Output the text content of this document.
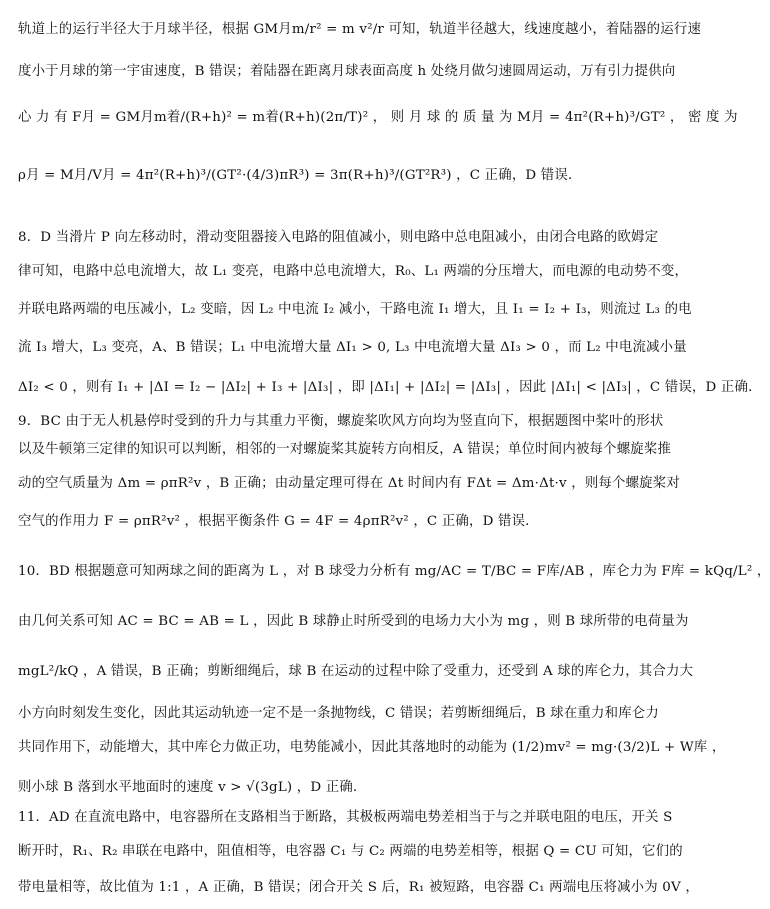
轨道上的运行半径大于月球半径，根据 GM月m/r² = m v²/r 可知，轨道半径越大，线速度越小，着陆器的运行速
度小于月球的第一宇宙速度，B 错误；着陆器在距离月球表面高度 h 处绕月做匀速圆周运动，万有引力提供向
心 力 有 F月 = GM月m着/(R+h)² = m着(R+h)(2π/T)² ， 则 月 球 的 质 量 为 M月 = 4π²(R+h)³/GT² ， 密 度 为
ρ月 = M月/V月 = 4π²(R+h)³/(GT²·(4/3)πR³) = 3π(R+h)³/(GT²R³) ，C 正确，D 错误．
8．D 当滑片 P 向左移动时，滑动变阻器接入电路的阻值减小，则电路中总电阻减小，由闭合电路的欧姆定
律可知，电路中总电流增大，故 L₁ 变亮，电路中总电流增大，R₀、L₁ 两端的分压增大，而电源的电动势不变，
并联电路两端的电压减小，L₂ 变暗，因 L₂ 中电流 I₂ 减小，干路电流 I₁ 增大，且 I₁ = I₂ + I₃，则流过 L₃ 的电
流 I₃ 增大，L₃ 变亮，A、B 错误；L₁ 中电流增大量 ΔI₁ > 0, L₃ 中电流增大量 ΔI₃ > 0 ，而 L₂ 中电流减小量
ΔI₂ < 0 ，则有 I₁ + |ΔI = I₂ − |ΔI₂| + I₃ + |ΔI₃| ，即 |ΔI₁| + |ΔI₂| = |ΔI₃| ，因此 |ΔI₁| < |ΔI₃| ，C 错误，D 正确．
9．BC 由于无人机悬停时受到的升力与其重力平衡，螺旋桨吹风方向均为竖直向下，根据题图中桨叶的形状
以及牛顿第三定律的知识可以判断，相邻的一对螺旋桨其旋转方向相反，A 错误；单位时间内被每个螺旋桨推
动的空气质量为 Δm = ρπR²v ，B 正确；由动量定理可得在 Δt 时间内有 FΔt = Δm·Δt·v ，则每个螺旋桨对
空气的作用力 F = ρπR²v² ，根据平衡条件 G = 4F = 4ρπR²v² ，C 正确，D 错误．
10．BD 根据题意可知两球之间的距离为 L ，对 B 球受力分析有 mg/AC = T/BC = F库/AB ，库仑力为 F库 = kQq/L² ，
由几何关系可知 AC = BC = AB = L ，因此 B 球静止时所受到的电场力大小为 mg ，则 B 球所带的电荷量为
mgL²/kQ ，A 错误，B 正确；剪断细绳后，球 B 在运动的过程中除了受重力，还受到 A 球的库仑力，其合力大
小方向时刻发生变化，因此其运动轨迹一定不是一条抛物线，C 错误；若剪断细绳后，B 球在重力和库仑力
共同作用下，动能增大，其中库仑力做正功，电势能减小，因此其落地时的动能为 (1/2)mv² = mg·(3/2)L + W库 ，
则小球 B 落到水平地面时的速度 v > √(3gL) ，D 正确．
11．AD 在直流电路中，电容器所在支路相当于断路，其极板两端电势差相当于与之并联电阻的电压，开关 S
断开时，R₁、R₂ 串联在电路中，阻值相等，电容器 C₁ 与 C₂ 两端的电势差相等，根据 Q = CU 可知，它们的
带电量相等，故比值为 1:1 ，A 正确，B 错误；闭合开关 S 后，R₁ 被短路，电容器 C₁ 两端电压将减小为 0V ，
